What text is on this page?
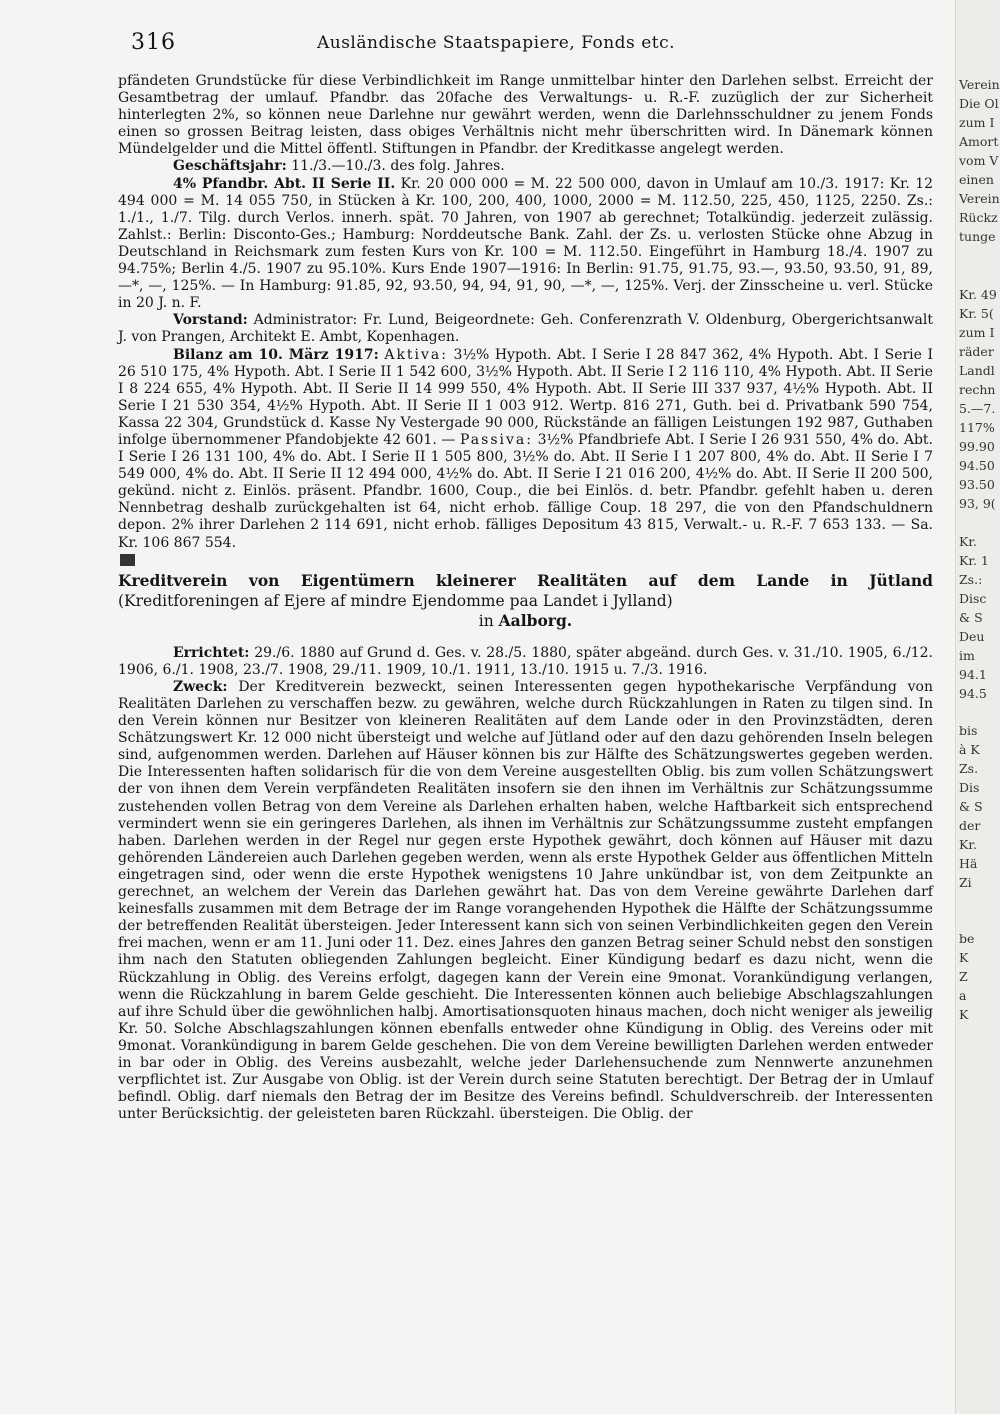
316	Ausländische Staatspapiere, Fonds etc.

pfändeten Grundstücke für diese Verbindlichkeit im Range unmittelbar hinter den Darlehen selbst. Erreicht der Gesamtbetrag der umlauf. Pfandbr. das 20fache des Verwaltungs- u. R.-F. zuzüglich der zur Sicherheit hinterlegten 2%, so können neue Darlehne nur gewährt werden, wenn die Darlehnsschuldner zu jenem Fonds einen so grossen Beitrag leisten, dass obiges Verhältnis nicht mehr überschritten wird. In Dänemark können Mündelgelder und die Mittel öffentl. Stiftungen in Pfandbr. der Kreditkasse angelegt werden.

Geschäftsjahr: 11./3.—10./3. des folg. Jahres.

4% Pfandbr. Abt. II Serie II. Kr. 20 000 000 = M. 22 500 000, davon in Umlauf am 10./3. 1917: Kr. 12 494 000 = M. 14 055 750, in Stücken à Kr. 100, 200, 400, 1000, 2000 = M. 112.50, 225, 450, 1125, 2250. Zs.: 1./1., 1./7. Tilg. durch Verlos. innerh. spät. 70 Jahren, von 1907 ab gerechnet; Totalkündig. jederzeit zulässig. Zahlst.: Berlin: Disconto-Ges.; Hamburg: Norddeutsche Bank. Zahl. der Zs. u. verlosten Stücke ohne Abzug in Deutschland in Reichsmark zum festen Kurs von Kr. 100 = M. 112.50. Eingeführt in Hamburg 18./4. 1907 zu 94.75%; Berlin 4./5. 1907 zu 95.10%. Kurs Ende 1907—1916: In Berlin: 91.75, 91.75, 93.—, 93.50, 93.50, 91, 89, —*, —, 125%. — In Hamburg: 91.85, 92, 93.50, 94, 94, 91, 90, —*, —, 125%. Verj. der Zinsscheine u. verl. Stücke in 20 J. n. F.

Vorstand: Administrator: Fr. Lund, Beigeordnete: Geh. Conferenzrath V. Oldenburg, Obergerichtsanwalt J. von Prangen, Architekt E. Ambt, Kopenhagen.

Bilanz am 10. März 1917: Aktiva: 3½% Hypoth. Abt. I Serie I 28 847 362, 4% Hypoth. Abt. I Serie I 26 510 175, 4% Hypoth. Abt. I Serie II 1 542 600, 3½% Hypoth. Abt. II Serie I 2 116 110, 4% Hypoth. Abt. II Serie I 8 224 655, 4% Hypoth. Abt. II Serie II 14 999 550, 4% Hypoth. Abt. II Serie III 337 937, 4½% Hypoth. Abt. II Serie I 21 530 354, 4½% Hypoth. Abt. II Serie II 1 003 912. Wertp. 816 271, Guth. bei d. Privatbank 590 754, Kassa 22 304, Grundstück d. Kasse Ny Vestergade 90 000, Rückstände an fälligen Leistungen 192 987, Guthaben infolge übernommener Pfandobjekte 42 601. — Passiva: 3½% Pfandbriefe Abt. I Serie I 26 931 550, 4% do. Abt. I Serie I 26 131 100, 4% do. Abt. I Serie II 1 505 800, 3½% do. Abt. II Serie I 1 207 800, 4% do. Abt. II Serie I 7 549 000, 4% do. Abt. II Serie II 12 494 000, 4½% do. Abt. II Serie I 21 016 200, 4½% do. Abt. II Serie II 200 500, gekünd. nicht z. Einlös. präsent. Pfandbr. 1600, Coup., die bei Einlös. d. betr. Pfandbr. gefehlt haben u. deren Nennbetrag deshalb zurückgehalten ist 64, nicht erhob. fällige Coup. 18 297, die von den Pfandschuldnern depon. 2% ihrer Darlehen 2 114 691, nicht erhob. fälliges Depositum 43 815, Verwalt.- u. R.-F. 7 653 133. — Sa. Kr. 106 867 554.

Kreditverein von Eigentümern kleinerer Realitäten auf dem Lande in Jütland (Kreditforeningen af Ejere af mindre Ejendomme paa Landet i Jylland)

in Aalborg.

Errichtet: 29./6. 1880 auf Grund d. Ges. v. 28./5. 1880, später abgeänd. durch Ges. v. 31./10. 1905, 6./12. 1906, 6./1. 1908, 23./7. 1908, 29./11. 1909, 10./1. 1911, 13./10. 1915 u. 7./3. 1916.

Zweck: Der Kreditverein bezweckt, seinen Interessenten gegen hypothekarische Verpfändung von Realitäten Darlehen zu verschaffen bezw. zu gewähren, welche durch Rückzahlungen in Raten zu tilgen sind. In den Verein können nur Besitzer von kleineren Realitäten auf dem Lande oder in den Provinzstädten, deren Schätzungswert Kr. 12 000 nicht übersteigt und welche auf Jütland oder auf den dazu gehörenden Inseln belegen sind, aufgenommen werden. Darlehen auf Häuser können bis zur Hälfte des Schätzungswertes gegeben werden. Die Interessenten haften solidarisch für die von dem Vereine ausgestellten Oblig. bis zum vollen Schätzungswert der von ihnen dem Verein verpfändeten Realitäten insofern sie den ihnen im Verhältnis zur Schätzungssumme zustehenden vollen Betrag von dem Vereine als Darlehen erhalten haben, welche Haftbarkeit sich entsprechend vermindert wenn sie ein geringeres Darlehen, als ihnen im Verhältnis zur Schätzungssumme zusteht empfangen haben. Darlehen werden in der Regel nur gegen erste Hypothek gewährt, doch können auf Häuser mit dazu gehörenden Ländereien auch Darlehen gegeben werden, wenn als erste Hypothek Gelder aus öffentlichen Mitteln eingetragen sind, oder wenn die erste Hypothek wenigstens 10 Jahre unkündbar ist, von dem Zeitpunkte an gerechnet, an welchem der Verein das Darlehen gewährt hat. Das von dem Vereine gewährte Darlehen darf keinesfalls zusammen mit dem Betrage der im Range vorangehenden Hypothek die Hälfte der Schätzungssumme der betreffenden Realität übersteigen. Jeder Interessent kann sich von seinen Verbindlichkeiten gegen den Verein frei machen, wenn er am 11. Juni oder 11. Dez. eines Jahres den ganzen Betrag seiner Schuld nebst den sonstigen ihm nach den Statuten obliegenden Zahlungen begleicht. Einer Kündigung bedarf es dazu nicht, wenn die Rückzahlung in Oblig. des Vereins erfolgt, dagegen kann der Verein eine 9monat. Vorankündigung verlangen, wenn die Rückzahlung in barem Gelde geschieht. Die Interessenten können auch beliebige Abschlagszahlungen auf ihre Schuld über die gewöhnlichen halbj. Amortisationsquoten hinaus machen, doch nicht weniger als jeweilig Kr. 50. Solche Abschlagszahlungen können ebenfalls entweder ohne Kündigung in Oblig. des Vereins oder mit 9monat. Vorankündigung in barem Gelde geschehen. Die von dem Vereine bewilligten Darlehen werden entweder in bar oder in Oblig. des Vereins ausbezahlt, welche jeder Darlehensuchende zum Nennwerte anzunehmen verpflichtet ist. Zur Ausgabe von Oblig. ist der Verein durch seine Statuten berechtigt. Der Betrag der in Umlauf befindl. Oblig. darf niemals den Betrag der im Besitze des Vereins befindl. Schuldverschreib. der Interessenten unter Berücksichtig. der geleisteten baren Rückzahl. übersteigen. Die Oblig. der

Verein
Die Ol
zum I
Amort
vom V
einen
Verein
Rückz
tunge
Kr. 49
Kr. 5(
zum I
räder
Landl
rechn
5.—7.
117%
99.90
94.50
93.50
93, 9(
Kr.
Kr. 1
Zs.:
Disc
& S
Deu
im
94.1
94.5
bis
à K
Zs.
Dis
& S
der
Kr.
Hä
Zi
be
K
Z
a
K
